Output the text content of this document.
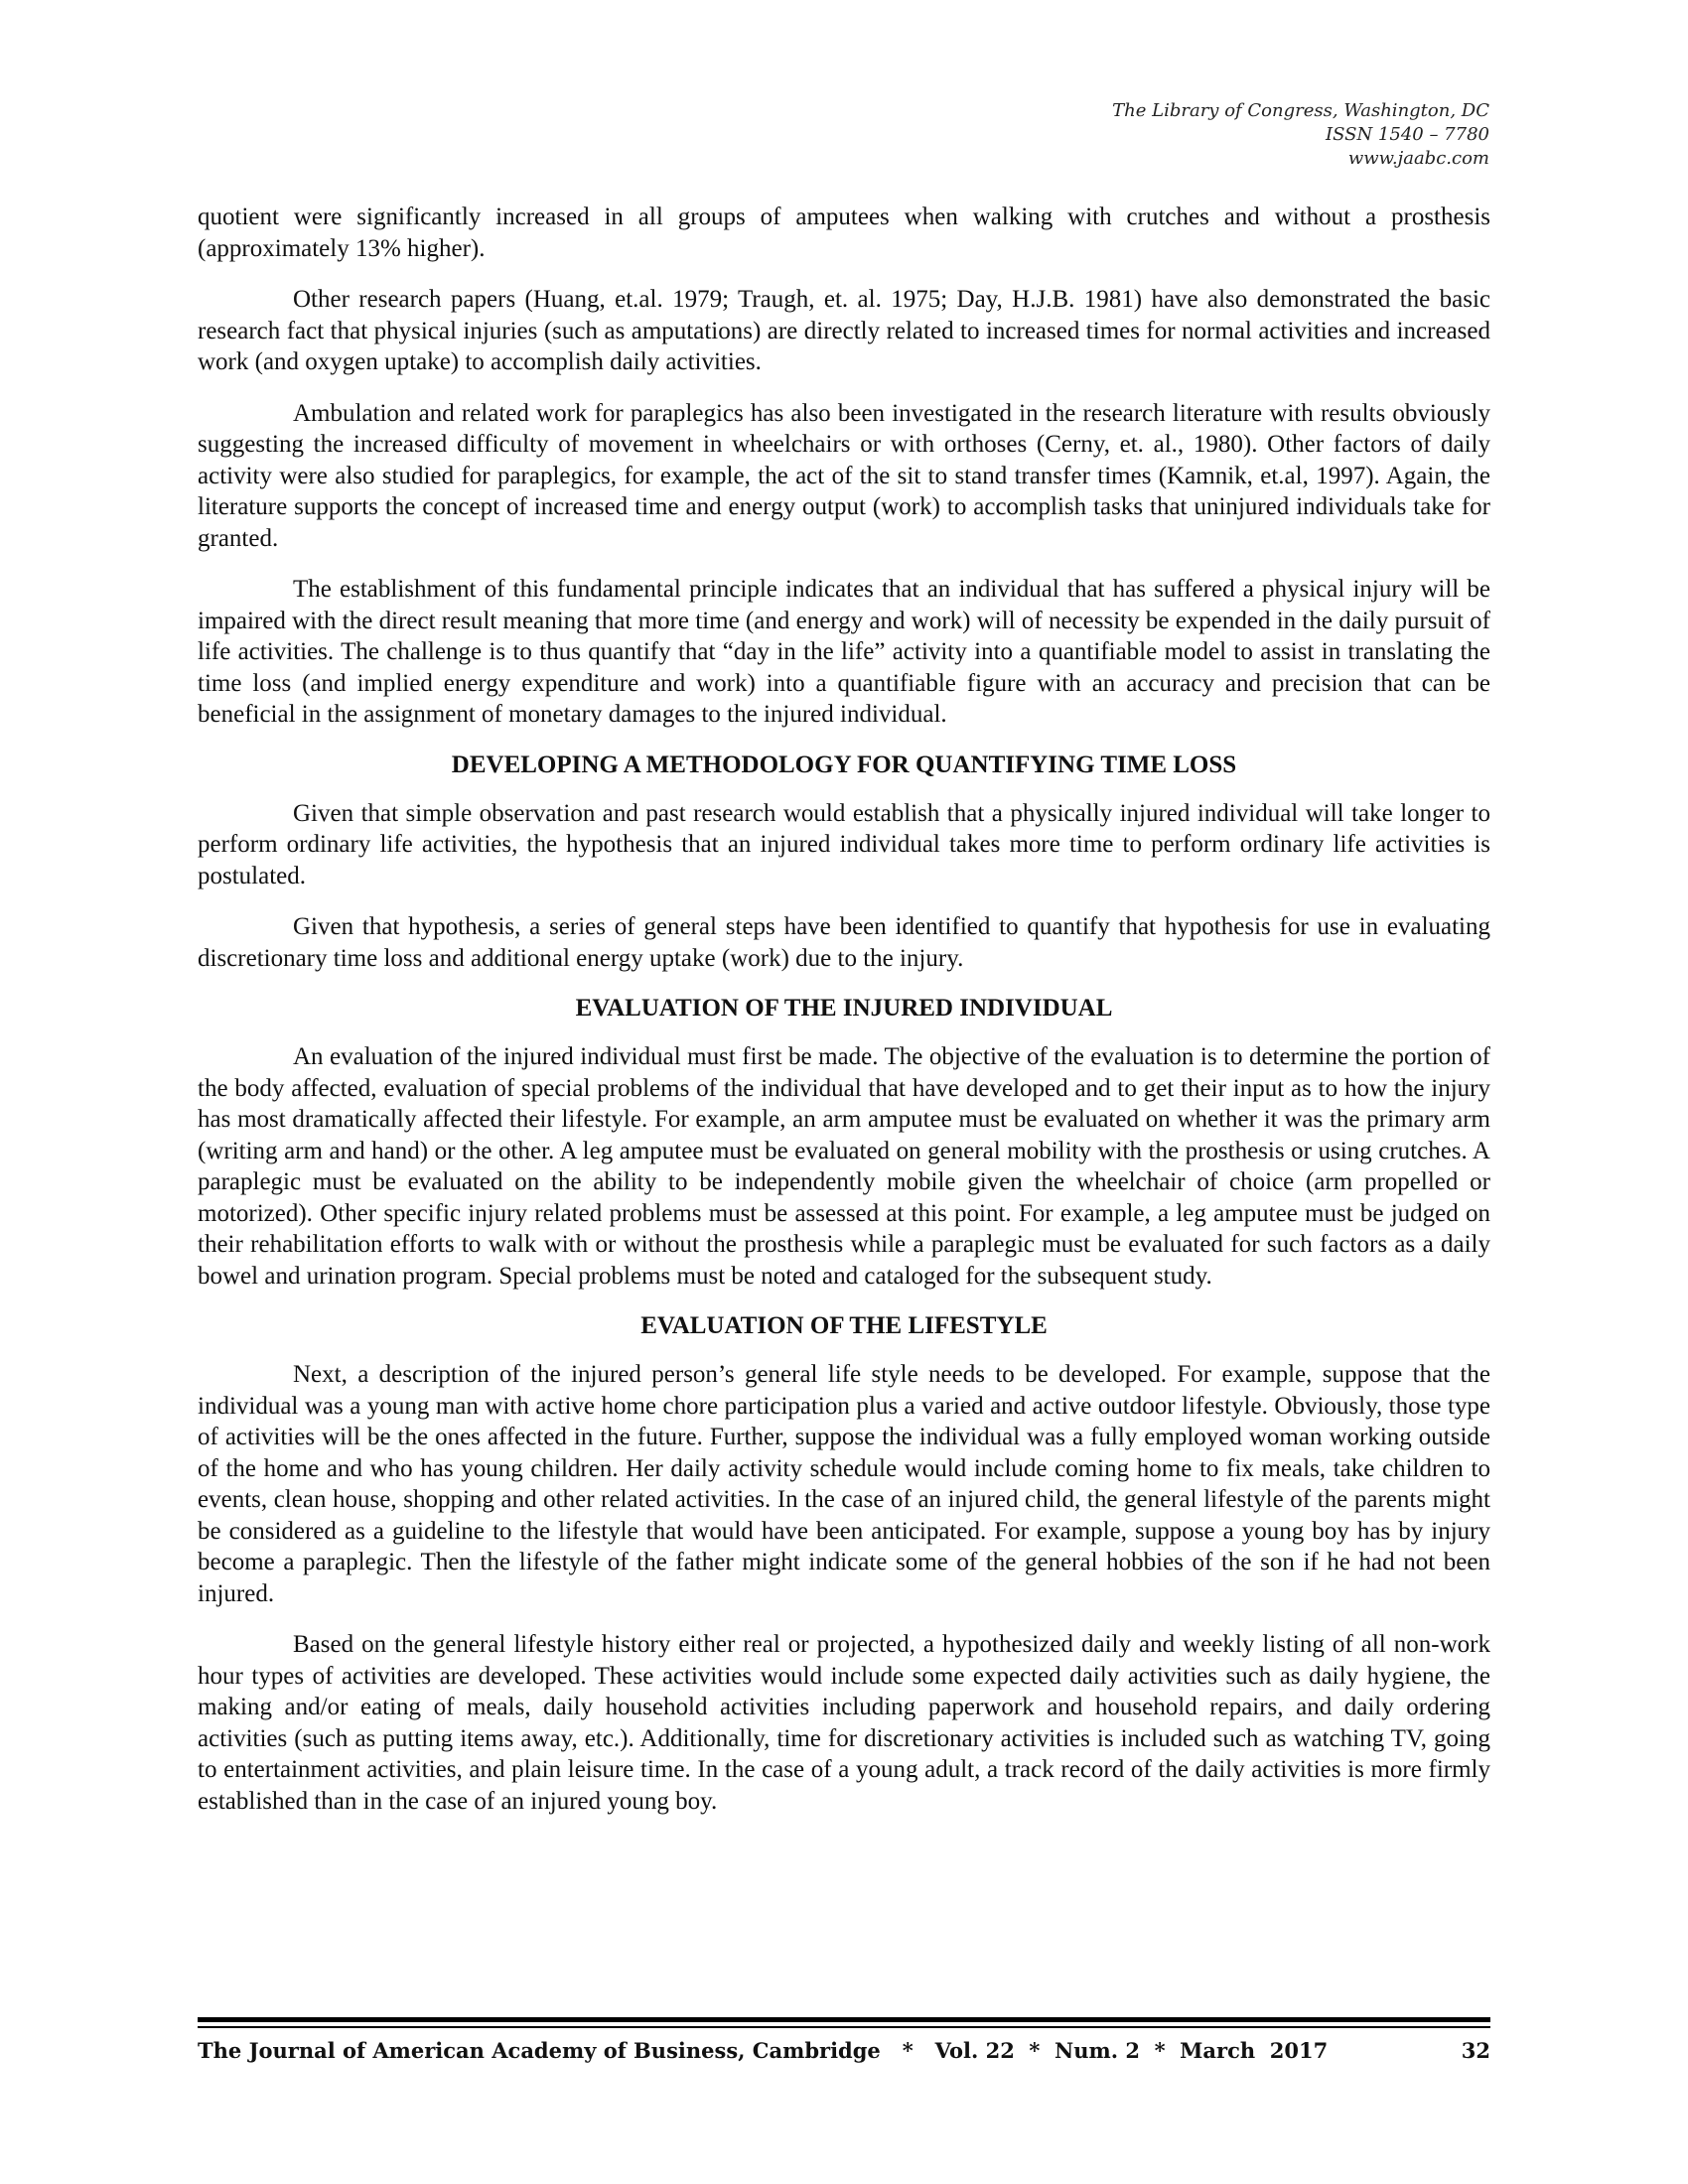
The Library of Congress, Washington, DC
ISSN 1540 – 7780
www.jaabc.com

quotient were significantly increased in all groups of amputees when walking with crutches and without a prosthesis (approximately 13% higher).

Other research papers (Huang, et.al. 1979; Traugh, et. al. 1975; Day, H.J.B. 1981) have also demonstrated the basic research fact that physical injuries (such as amputations) are directly related to increased times for normal activities and increased work (and oxygen uptake) to accomplish daily activities.

Ambulation and related work for paraplegics has also been investigated in the research literature with results obviously suggesting the increased difficulty of movement in wheelchairs or with orthoses (Cerny, et. al., 1980). Other factors of daily activity were also studied for paraplegics, for example, the act of the sit to stand transfer times (Kamnik, et.al, 1997). Again, the literature supports the concept of increased time and energy output (work) to accomplish tasks that uninjured individuals take for granted.

The establishment of this fundamental principle indicates that an individual that has suffered a physical injury will be impaired with the direct result meaning that more time (and energy and work) will of necessity be expended in the daily pursuit of life activities. The challenge is to thus quantify that “day in the life” activity into a quantifiable model to assist in translating the time loss (and implied energy expenditure and work) into a quantifiable figure with an accuracy and precision that can be beneficial in the assignment of monetary damages to the injured individual.

DEVELOPING A METHODOLOGY FOR QUANTIFYING TIME LOSS

Given that simple observation and past research would establish that a physically injured individual will take longer to perform ordinary life activities, the hypothesis that an injured individual takes more time to perform ordinary life activities is postulated.

Given that hypothesis, a series of general steps have been identified to quantify that hypothesis for use in evaluating discretionary time loss and additional energy uptake (work) due to the injury.

EVALUATION OF THE INJURED INDIVIDUAL

An evaluation of the injured individual must first be made. The objective of the evaluation is to determine the portion of the body affected, evaluation of special problems of the individual that have developed and to get their input as to how the injury has most dramatically affected their lifestyle. For example, an arm amputee must be evaluated on whether it was the primary arm (writing arm and hand) or the other. A leg amputee must be evaluated on general mobility with the prosthesis or using crutches. A paraplegic must be evaluated on the ability to be independently mobile given the wheelchair of choice (arm propelled or motorized). Other specific injury related problems must be assessed at this point. For example, a leg amputee must be judged on their rehabilitation efforts to walk with or without the prosthesis while a paraplegic must be evaluated for such factors as a daily bowel and urination program. Special problems must be noted and cataloged for the subsequent study.

EVALUATION OF THE LIFESTYLE

Next, a description of the injured person’s general life style needs to be developed. For example, suppose that the individual was a young man with active home chore participation plus a varied and active outdoor lifestyle. Obviously, those type of activities will be the ones affected in the future. Further, suppose the individual was a fully employed woman working outside of the home and who has young children. Her daily activity schedule would include coming home to fix meals, take children to events, clean house, shopping and other related activities. In the case of an injured child, the general lifestyle of the parents might be considered as a guideline to the lifestyle that would have been anticipated. For example, suppose a young boy has by injury become a paraplegic. Then the lifestyle of the father might indicate some of the general hobbies of the son if he had not been injured.

Based on the general lifestyle history either real or projected, a hypothesized daily and weekly listing of all non-work hour types of activities are developed. These activities would include some expected daily activities such as daily hygiene, the making and/or eating of meals, daily household activities including paperwork and household repairs, and daily ordering activities (such as putting items away, etc.). Additionally, time for discretionary activities is included such as watching TV, going to entertainment activities, and plain leisure time. In the case of a young adult, a track record of the daily activities is more firmly established than in the case of an injured young boy.

The Journal of American Academy of Business, Cambridge   *   Vol. 22  *  Num. 2  *  March  2017	32
